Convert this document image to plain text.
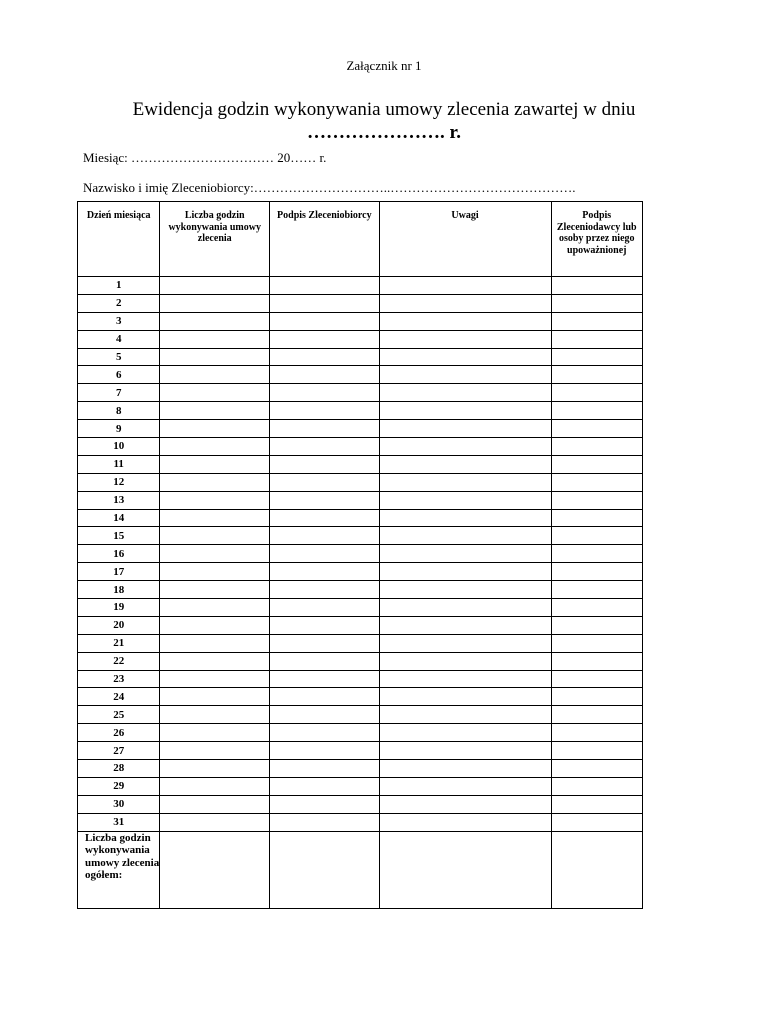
Załącznik nr 1
Ewidencja godzin wykonywania umowy zlecenia zawartej w dniu
…………………. r.
Miesiąc: …………………………… 20…… r.
Nazwisko i imię Zleceniobiorcy:…………………………..…………………………………….
Dzień miesiąca	Liczba godzin wykonywania umowy zlecenia	Podpis Zleceniobiorcy	Uwagi	Podpis Zleceniodawcy lub osoby przez niego upoważnionej
1				
2				
3				
4				
5				
6				
7				
8				
9				
10				
11				
12				
13				
14				
15				
16				
17				
18				
19				
20				
21				
22				
23				
24				
25				
26				
27				
28				
29				
30				
31				
Liczba godzin wykonywania umowy zlecenia ogółem:				
